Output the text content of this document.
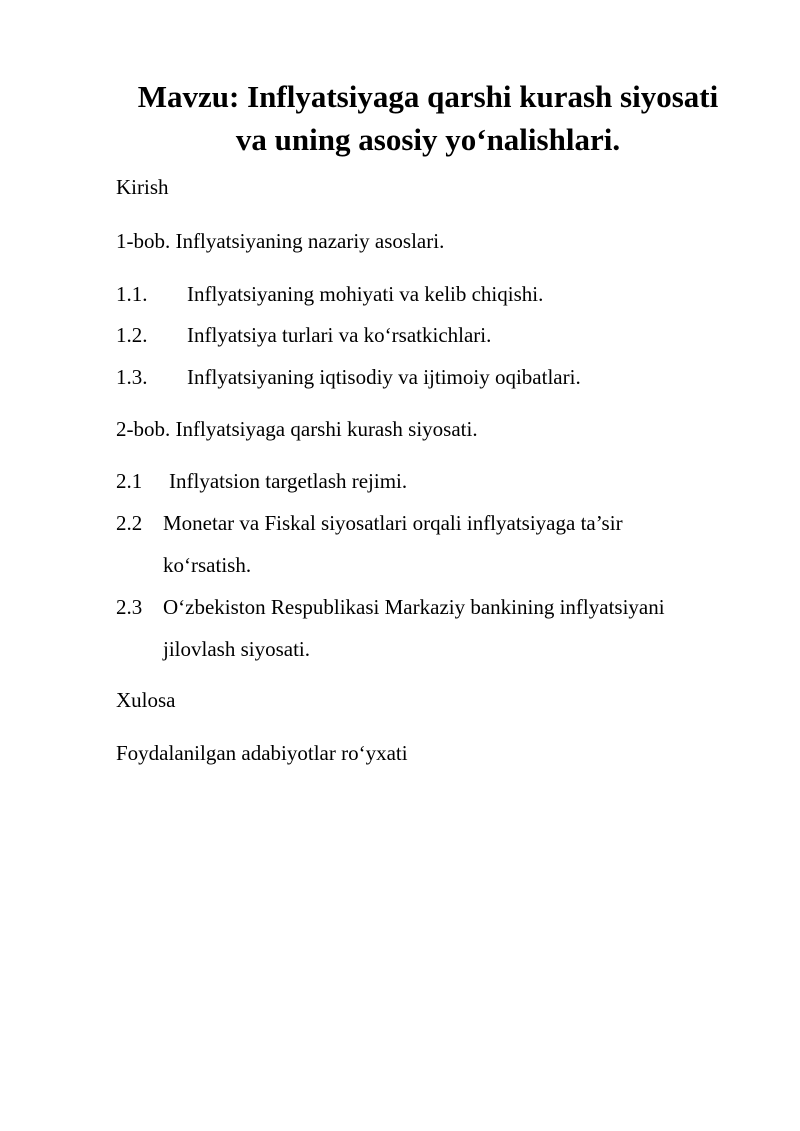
Mavzu: Inflyatsiyaga qarshi kurash siyosati
va uning asosiy yo‘nalishlari.
Kirish
1-bob. Inflyatsiyaning nazariy asoslari.
1.1. Inflyatsiyaning mohiyati va kelib chiqishi.
1.2. Inflyatsiya turlari va ko‘rsatkichlari.
1.3. Inflyatsiyaning iqtisodiy va ijtimoiy oqibatlari.
2-bob. Inflyatsiyaga qarshi kurash siyosati.
2.1 Inflyatsion targetlash rejimi.
2.2 Monetar va Fiskal siyosatlari orqali inflyatsiyaga ta’sir
ko‘rsatish.
2.3 O‘zbekiston Respublikasi Markaziy bankining inflyatsiyani
jilovlash siyosati.
Xulosa
Foydalanilgan adabiyotlar ro‘yxati
